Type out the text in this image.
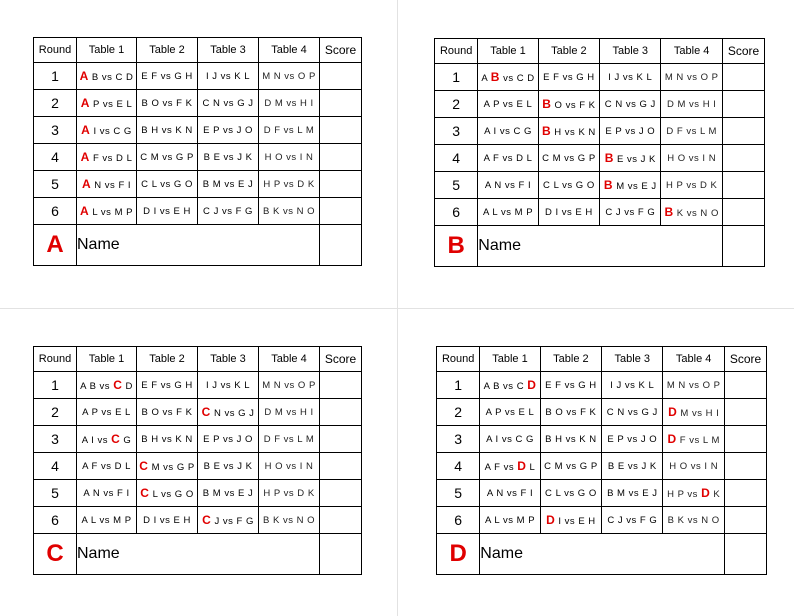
Round	Table 1	Table 2	Table 3	Table 4	Score
1	A B vs C D	E F vs G H	I J vs K L	M N vs O P	
2	A P vs E L	B O vs F K	C N vs G J	D M vs H I	
3	A I vs C G	B H vs K N	E P vs J O	D F vs L M	
4	A F vs D L	C M vs G P	B E vs J K	H O vs I N	
5	A N vs F I	C L vs G O	B M vs E J	H P vs D K	
6	A L vs M P	D I vs E H	C J vs F G	B K vs N O	
A	Name				
Round	Table 1	Table 2	Table 3	Table 4	Score
1	A B vs C D	E F vs G H	I J vs K L	M N vs O P	
2	A P vs E L	B O vs F K	C N vs G J	D M vs H I	
3	A I vs C G	B H vs K N	E P vs J O	D F vs L M	
4	A F vs D L	C M vs G P	B E vs J K	H O vs I N	
5	A N vs F I	C L vs G O	B M vs E J	H P vs D K	
6	A L vs M P	D I vs E H	C J vs F G	B K vs N O	
B	Name				
Round	Table 1	Table 2	Table 3	Table 4	Score
1	A B vs C D	E F vs G H	I J vs K L	M N vs O P	
2	A P vs E L	B O vs F K	C N vs G J	D M vs H I	
3	A I vs C G	B H vs K N	E P vs J O	D F vs L M	
4	A F vs D L	C M vs G P	B E vs J K	H O vs I N	
5	A N vs F I	C L vs G O	B M vs E J	H P vs D K	
6	A L vs M P	D I vs E H	C J vs F G	B K vs N O	
C	Name				
Round	Table 1	Table 2	Table 3	Table 4	Score
1	A B vs C D	E F vs G H	I J vs K L	M N vs O P	
2	A P vs E L	B O vs F K	C N vs G J	D M vs H I	
3	A I vs C G	B H vs K N	E P vs J O	D F vs L M	
4	A F vs D L	C M vs G P	B E vs J K	H O vs I N	
5	A N vs F I	C L vs G O	B M vs E J	H P vs D K	
6	A L vs M P	D I vs E H	C J vs F G	B K vs N O	
D	Name				
